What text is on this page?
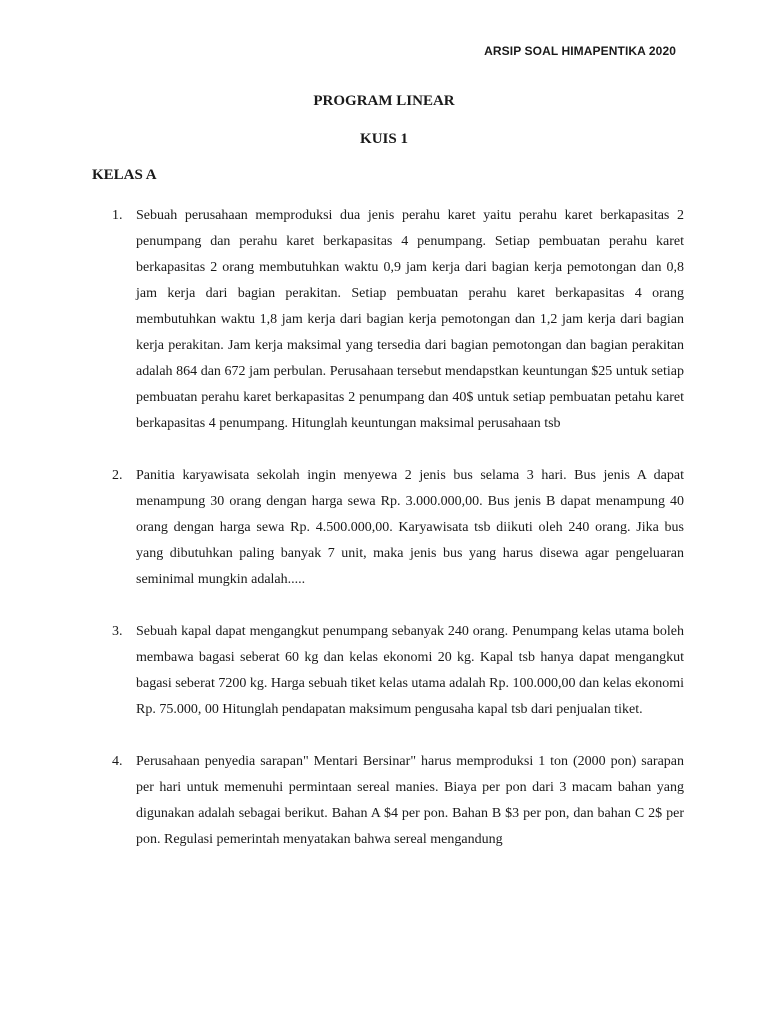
ARSIP SOAL HIMAPENTIKA 2020
PROGRAM LINEAR
KUIS 1
KELAS A
1. Sebuah perusahaan memproduksi dua jenis perahu karet yaitu perahu karet berkapasitas 2 penumpang dan perahu karet berkapasitas 4 penumpang. Setiap pembuatan perahu karet berkapasitas 2 orang membutuhkan waktu 0,9 jam kerja dari bagian kerja pemotongan dan 0,8 jam kerja dari bagian perakitan. Setiap pembuatan perahu karet berkapasitas 4 orang membutuhkan waktu 1,8 jam kerja dari bagian kerja pemotongan dan 1,2 jam kerja dari bagian kerja perakitan. Jam kerja maksimal yang tersedia dari bagian pemotongan dan bagian perakitan adalah 864 dan 672 jam perbulan. Perusahaan tersebut mendapstkan keuntungan $25 untuk setiap pembuatan perahu karet berkapasitas 2 penumpang dan 40$ untuk setiap pembuatan petahu karet berkapasitas 4 penumpang. Hitunglah keuntungan maksimal perusahaan tsb
2. Panitia karyawisata sekolah ingin menyewa 2 jenis bus selama 3 hari. Bus jenis A dapat menampung 30 orang dengan harga sewa Rp. 3.000.000,00. Bus jenis B dapat menampung 40 orang dengan harga sewa Rp. 4.500.000,00. Karyawisata tsb diikuti oleh 240 orang. Jika bus yang dibutuhkan paling banyak 7 unit, maka jenis bus yang harus disewa agar pengeluaran seminimal mungkin adalah.....
3. Sebuah kapal dapat mengangkut penumpang sebanyak 240 orang. Penumpang kelas utama boleh membawa bagasi seberat 60 kg dan kelas ekonomi 20 kg. Kapal tsb hanya dapat mengangkut bagasi seberat 7200 kg. Harga sebuah tiket kelas utama adalah Rp. 100.000,00 dan kelas ekonomi Rp. 75.000, 00 Hitunglah pendapatan maksimum pengusaha kapal tsb dari penjualan tiket.
4. Perusahaan penyedia sarapan" Mentari Bersinar" harus memproduksi 1 ton (2000 pon) sarapan per hari untuk memenuhi permintaan sereal manies. Biaya per pon dari 3 macam bahan yang digunakan adalah sebagai berikut. Bahan A $4 per pon. Bahan B $3 per pon, dan bahan C 2$ per pon. Regulasi pemerintah menyatakan bahwa sereal mengandung
